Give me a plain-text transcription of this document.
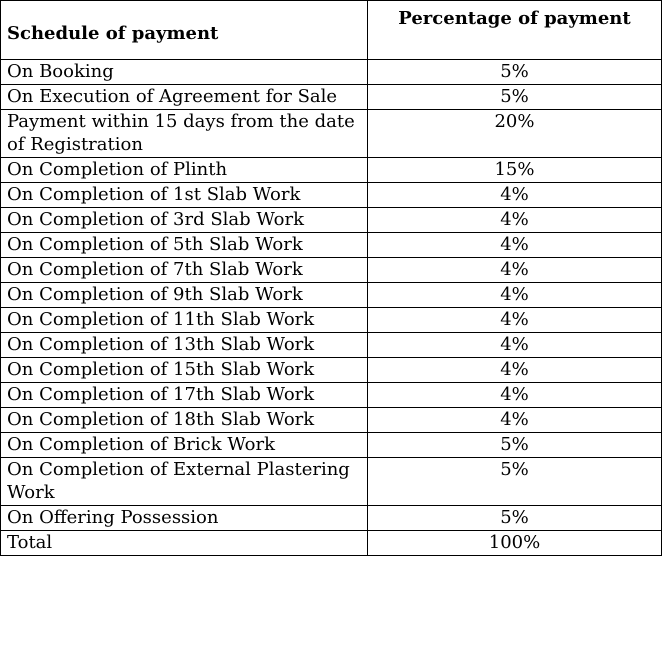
Schedule of payment	Percentage of payment
On Booking	5%
On Execution of Agreement for Sale	5%
Payment within 15 days from the date of Registration	20%
On Completion of Plinth	15%
On Completion of 1st Slab Work	4%
On Completion of 3rd Slab Work	4%
On Completion of 5th Slab Work	4%
On Completion of 7th Slab Work	4%
On Completion of 9th Slab Work	4%
On Completion of 11th Slab Work	4%
On Completion of 13th Slab Work	4%
On Completion of 15th Slab Work	4%
On Completion of 17th Slab Work	4%
On Completion of 18th Slab Work	4%
On Completion of Brick Work	5%
On Completion of External Plastering Work	5%
On Offering Possession	5%
Total	100%
